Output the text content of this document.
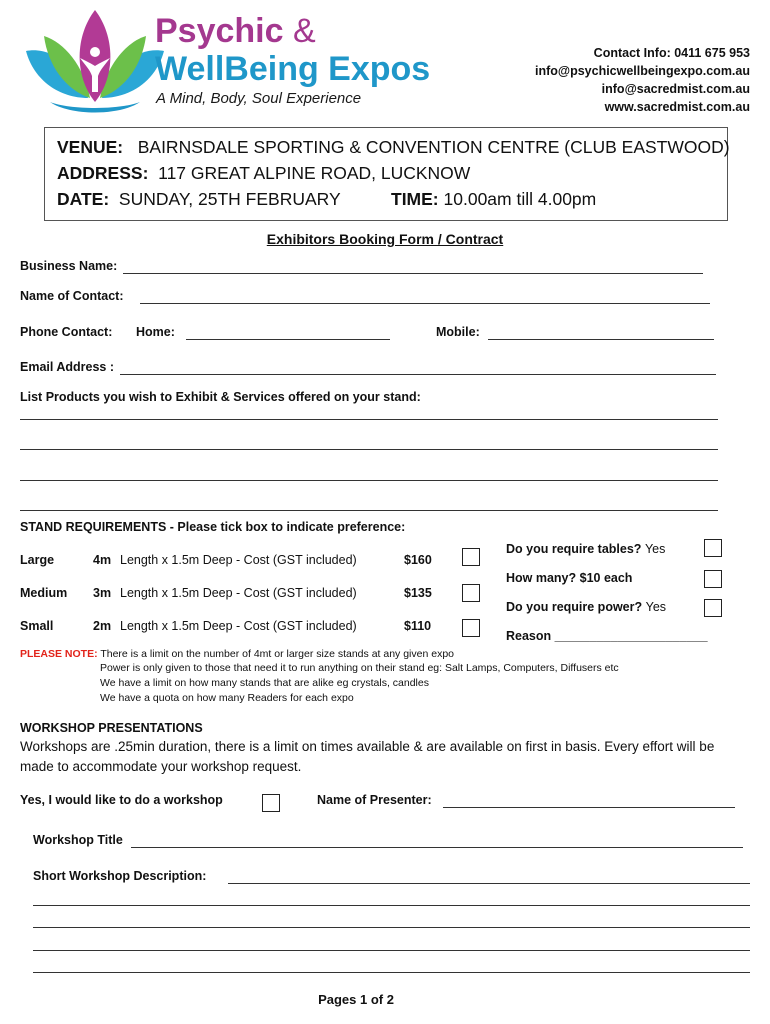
Psychic &
WellBeing Expos
A Mind, Body, Soul Experience
Contact Info: 0411 675 953
info@psychicwellbeingexpo.com.au
info@sacredmist.com.au
www.sacredmist.com.au
VENUE: BAIRNSDALE SPORTING & CONVENTION CENTRE (CLUB EASTWOOD)
ADDRESS: 117 GREAT ALPINE ROAD, LUCKNOW
DATE: SUNDAY, 25TH FEBRUARY	TIME: 10.00am till 4.00pm
Exhibitors Booking Form / Contract
Business Name:
Name of Contact:
Phone Contact: Home:	Mobile:
Email Address :
List Products you wish to Exhibit & Services offered on your stand:
STAND REQUIREMENTS - Please tick box to indicate preference:
Large	4m Length x 1.5m Deep - Cost (GST included)	$160
Medium 3m Length x 1.5m Deep - Cost (GST included)	$135
Small	2m Length x 1.5m Deep - Cost (GST included)	$110
Do you require tables? Yes
How many? $10 each
Do you require power? Yes
Reason ______________________
PLEASE NOTE: There is a limit on the number of 4mt or larger size stands at any given expo
Power is only given to those that need it to run anything on their stand eg: Salt Lamps, Computers, Diffusers etc
We have a limit on how many stands that are alike eg crystals, candles
We have a quota on how many Readers for each expo
WORKSHOP PRESENTATIONS
Workshops are .25min duration, there is a limit on times available & are available on first in basis. Every effort will be made to accommodate your workshop request.
Yes, I would like to do a workshop	Name of Presenter:
Workshop Title
Short Workshop Description:
Pages 1 of 2
